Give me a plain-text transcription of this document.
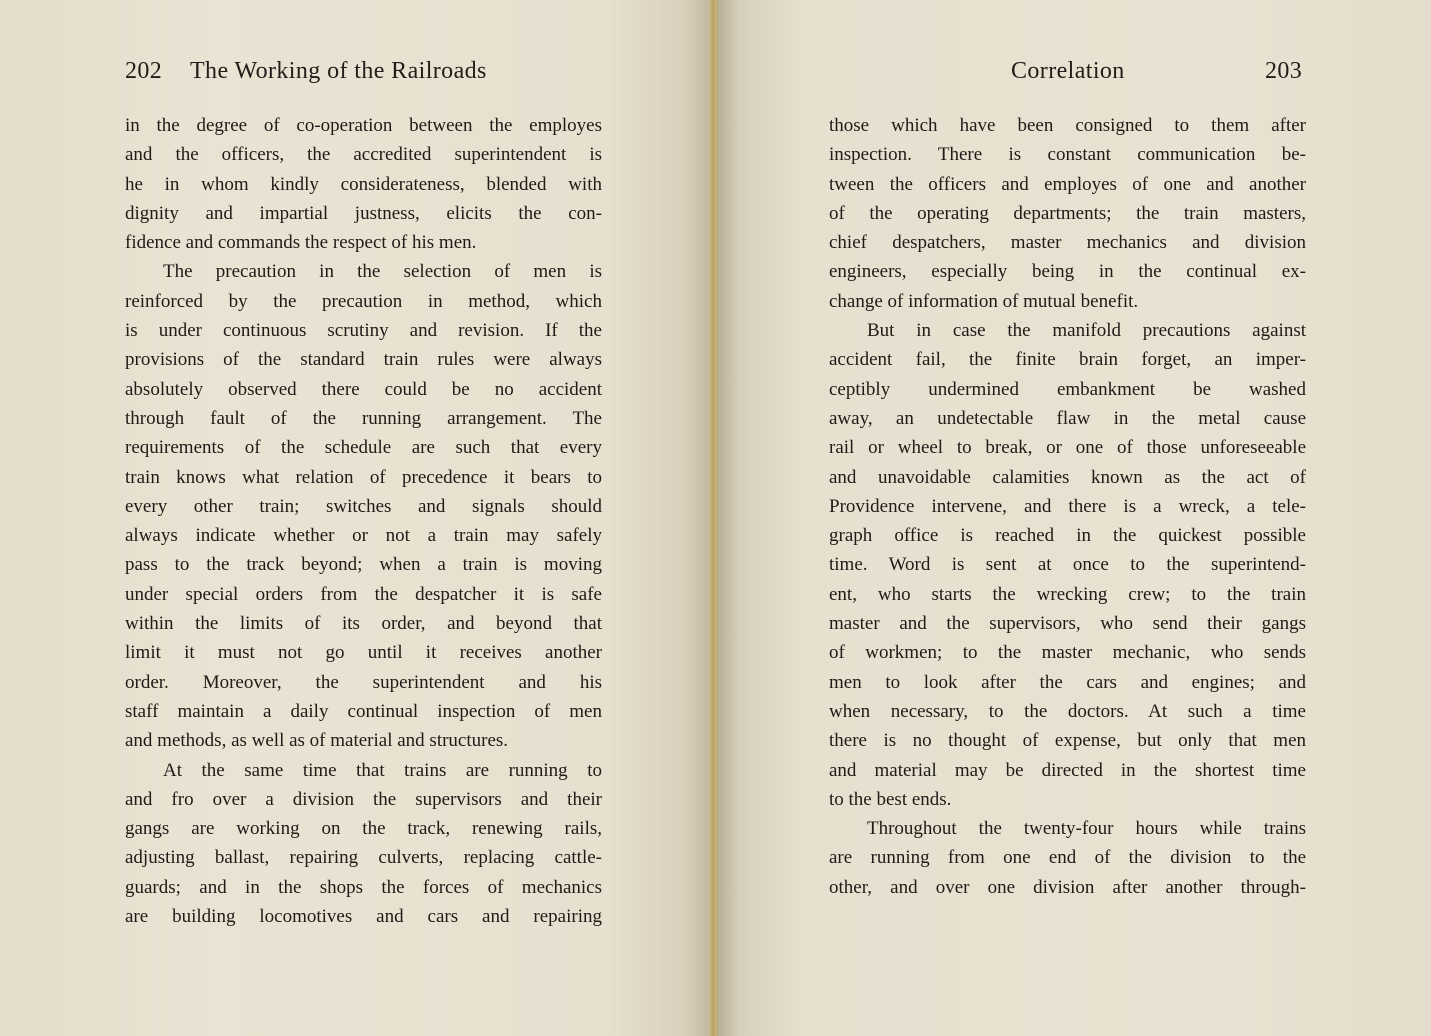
202 The Working of the Railroads
in the degree of co-operation between the employes
and the officers, the accredited superintendent is
he in whom kindly considerateness, blended with
dignity and impartial justness, elicits the con-
fidence and commands the respect of his men.
The precaution in the selection of men is
reinforced by the precaution in method, which
is under continuous scrutiny and revision. If the
provisions of the standard train rules were always
absolutely observed there could be no accident
through fault of the running arrangement. The
requirements of the schedule are such that every
train knows what relation of precedence it bears to
every other train; switches and signals should
always indicate whether or not a train may safely
pass to the track beyond; when a train is moving
under special orders from the despatcher it is safe
within the limits of its order, and beyond that
limit it must not go until it receives another
order. Moreover, the superintendent and his
staff maintain a daily continual inspection of men
and methods, as well as of material and structures.
At the same time that trains are running to
and fro over a division the supervisors and their
gangs are working on the track, renewing rails,
adjusting ballast, repairing culverts, replacing cattle-
guards; and in the shops the forces of mechanics
are building locomotives and cars and repairing
Correlation	203
those which have been consigned to them after
inspection. There is constant communication be-
tween the officers and employes of one and another
of the operating departments; the train masters,
chief despatchers, master mechanics and division
engineers, especially being in the continual ex-
change of information of mutual benefit.
But in case the manifold precautions against
accident fail, the finite brain forget, an imper-
ceptibly undermined embankment be washed
away, an undetectable flaw in the metal cause
rail or wheel to break, or one of those unforeseeable
and unavoidable calamities known as the act of
Providence intervene, and there is a wreck, a tele-
graph office is reached in the quickest possible
time. Word is sent at once to the superintend-
ent, who starts the wrecking crew; to the train
master and the supervisors, who send their gangs
of workmen; to the master mechanic, who sends
men to look after the cars and engines; and
when necessary, to the doctors. At such a time
there is no thought of expense, but only that men
and material may be directed in the shortest time
to the best ends.
Throughout the twenty-four hours while trains
are running from one end of the division to the
other, and over one division after another through-
